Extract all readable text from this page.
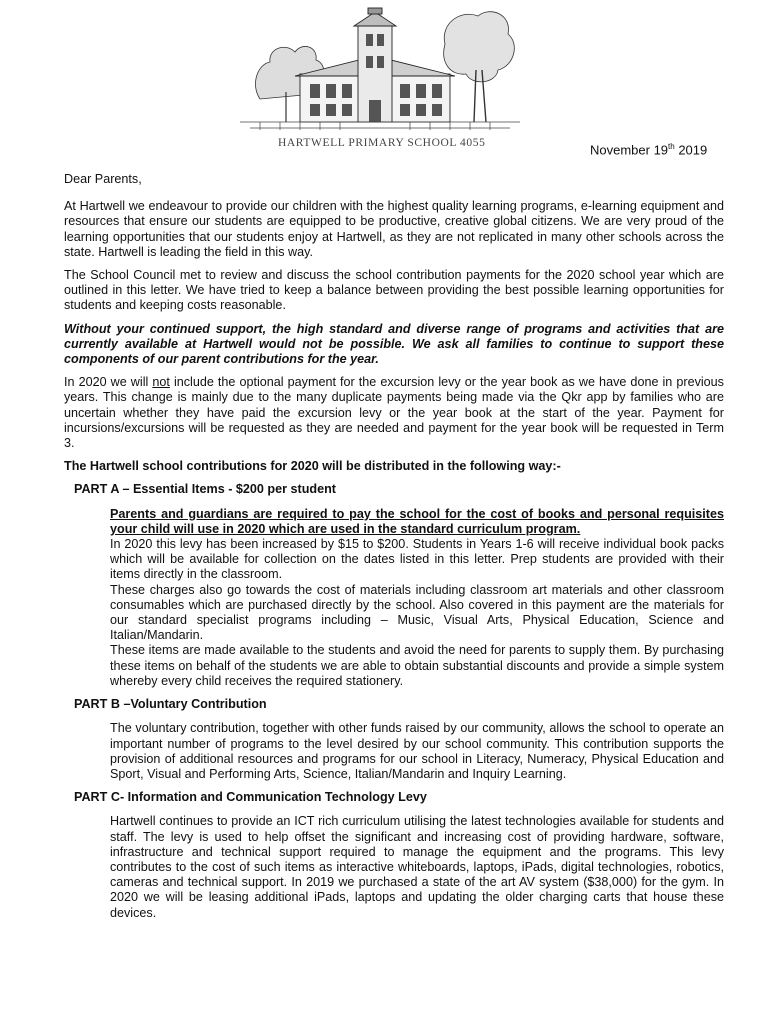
HARTWELL PRIMARY SCHOOL 4055	November 19th 2019

Dear Parents,

At Hartwell we endeavour to provide our children with the highest quality learning programs, e-learning equipment and resources that ensure our students are equipped to be productive, creative global citizens. We are very proud of the learning opportunities that our students enjoy at Hartwell, as they are not replicated in many other schools across the state. Hartwell is leading the field in this way.

The School Council met to review and discuss the school contribution payments for the 2020 school year which are outlined in this letter. We have tried to keep a balance between providing the best possible learning opportunities for students and keeping costs reasonable.

Without your continued support, the high standard and diverse range of programs and activities that are currently available at Hartwell would not be possible. We ask all families to continue to support these components of our parent contributions for the year.

In 2020 we will not include the optional payment for the excursion levy or the year book as we have done in previous years. This change is mainly due to the many duplicate payments being made via the Qkr app by families who are uncertain whether they have paid the excursion levy or the year book at the start of the year. Payment for incursions/excursions will be requested as they are needed and payment for the year book will be requested in Term 3.

The Hartwell school contributions for 2020 will be distributed in the following way:-
PART A – Essential Items - $200 per student

Parents and guardians are required to pay the school for the cost of books and personal requisites your child will use in 2020 which are used in the standard curriculum program.

In 2020 this levy has been increased by $15 to $200. Students in Years 1-6 will receive individual book packs which will be available for collection on the dates listed in this letter. Prep students are provided with their items directly in the classroom.

These charges also go towards the cost of materials including classroom art materials and other classroom consumables which are purchased directly by the school. Also covered in this payment are the materials for our standard specialist programs including – Music, Visual Arts, Physical Education, Science and Italian/Mandarin.

These items are made available to the students and avoid the need for parents to supply them. By purchasing these items on behalf of the students we are able to obtain substantial discounts and provide a simple system whereby every child receives the required stationery.

PART B –Voluntary Contribution

The voluntary contribution, together with other funds raised by our community, allows the school to operate an important number of programs to the level desired by our school community. This contribution supports the provision of additional resources and programs for our school in Literacy, Numeracy, Physical Education and Sport, Visual and Performing Arts, Science, Italian/Mandarin and Inquiry Learning.

PART C- Information and Communication Technology Levy

Hartwell continues to provide an ICT rich curriculum utilising the latest technologies available for students and staff. The levy is used to help offset the significant and increasing cost of providing hardware, software, infrastructure and technical support required to manage the equipment and the programs. This levy contributes to the cost of such items as interactive whiteboards, laptops, iPads, digital technologies, robotics, cameras and technical support. In 2019 we purchased a state of the art AV system ($38,000) for the gym. In 2020 we will be leasing additional iPads, laptops and updating the older charging carts that house these devices.
